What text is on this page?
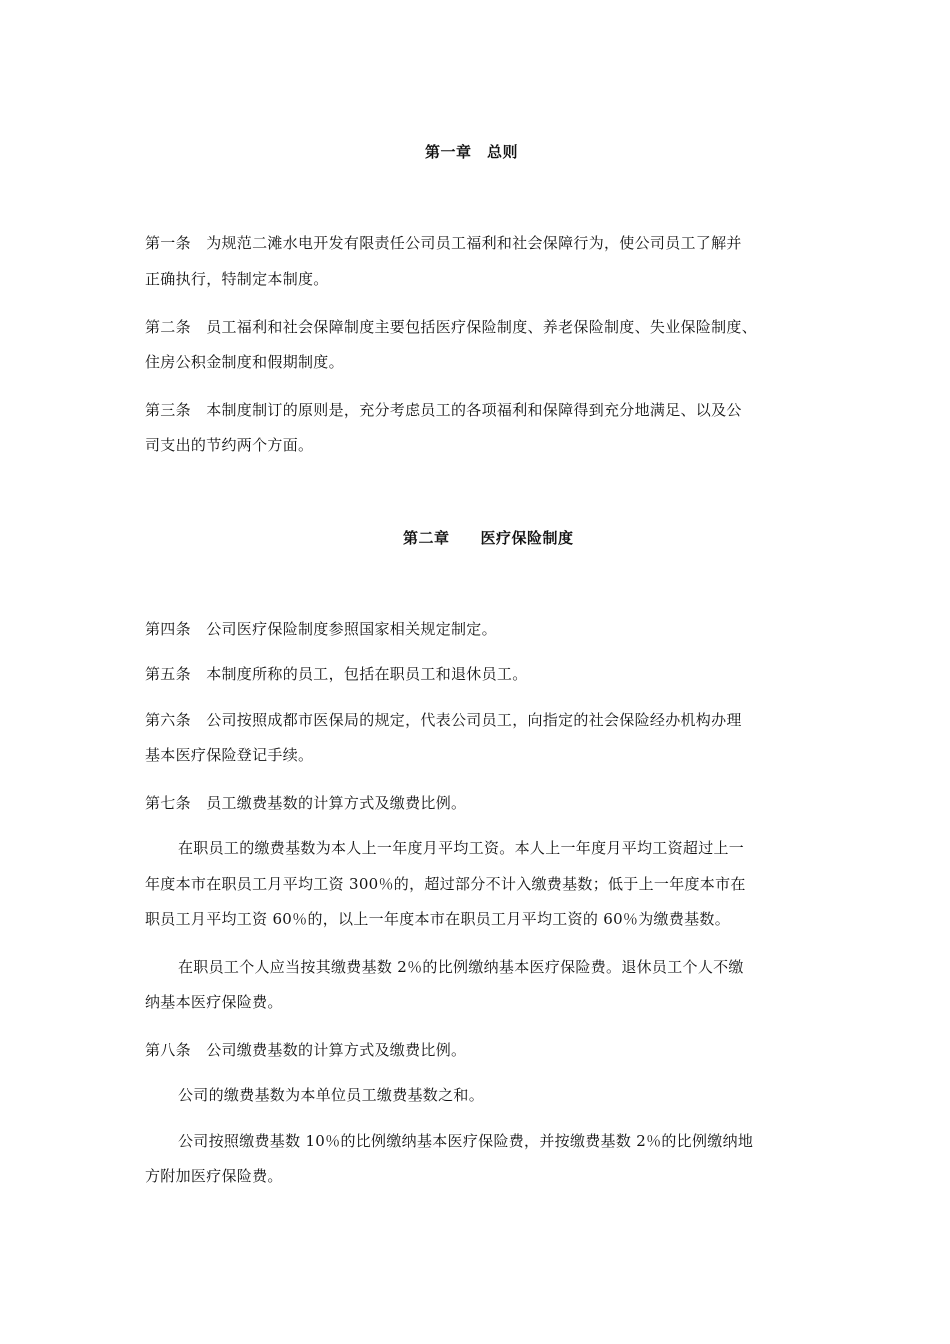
第一章　总则
第一条　为规范二滩水电开发有限责任公司员工福利和社会保障行为，使公司员工了解并
正确执行，特制定本制度。
第二条　员工福利和社会保障制度主要包括医疗保险制度、养老保险制度、失业保险制度、
住房公积金制度和假期制度。
第三条　本制度制订的原则是，充分考虑员工的各项福利和保障得到充分地满足、以及公
司支出的节约两个方面。
第二章　　医疗保险制度
第四条　公司医疗保险制度参照国家相关规定制定。
第五条　本制度所称的员工，包括在职员工和退休员工。
第六条　公司按照成都市医保局的规定，代表公司员工，向指定的社会保险经办机构办理
基本医疗保险登记手续。
第七条　员工缴费基数的计算方式及缴费比例。
在职员工的缴费基数为本人上一年度月平均工资。本人上一年度月平均工资超过上一
年度本市在职员工月平均工资 300％的，超过部分不计入缴费基数；低于上一年度本市在
职员工月平均工资 60％的，以上一年度本市在职员工月平均工资的 60％为缴费基数。
在职员工个人应当按其缴费基数 2％的比例缴纳基本医疗保险费。退休员工个人不缴
纳基本医疗保险费。
第八条　公司缴费基数的计算方式及缴费比例。
公司的缴费基数为本单位员工缴费基数之和。
公司按照缴费基数 10％的比例缴纳基本医疗保险费，并按缴费基数 2％的比例缴纳地
方附加医疗保险费。
